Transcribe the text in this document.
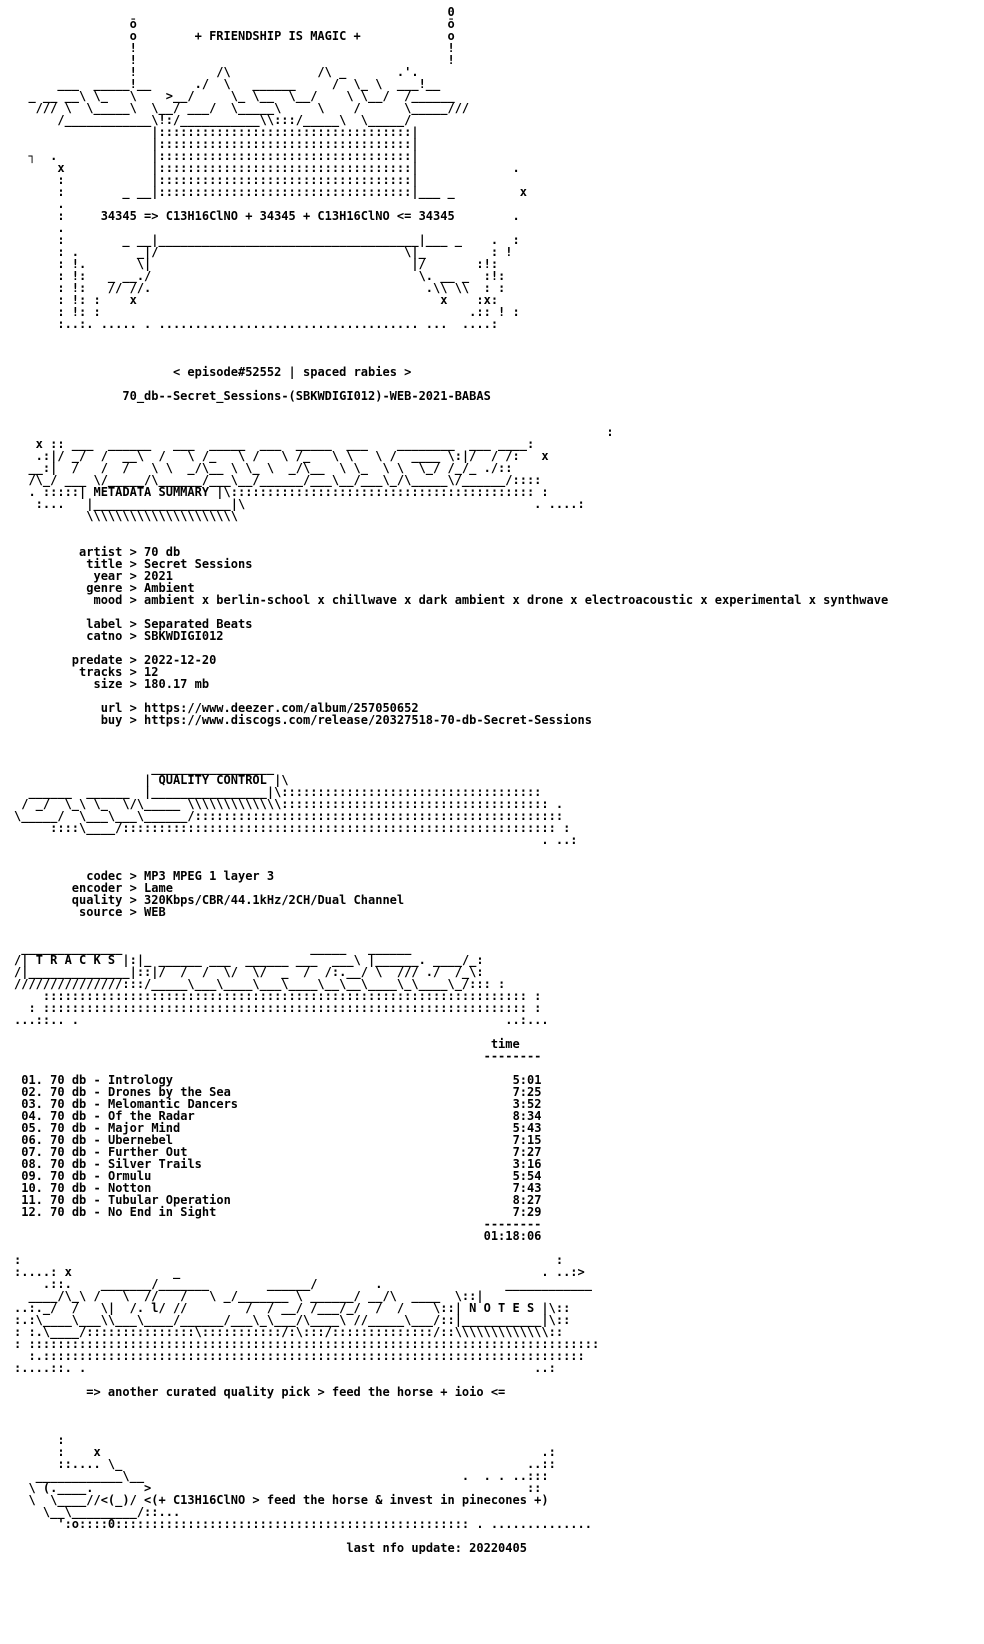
0
ō                                           ō
o        + FRIENDSHIP IS MAGIC +            o
!                                           !
!                                           !
!           /\            /\ _       .'.
___  _____!__      ./  \   ______     /  \_ \  ___!__
_ __ __\ \_   \    >__/     \_ \__  \__/    \ \__/  /______
/// \  \_____\  \__/ ___/  \_____\     \    /      \_____///
/____________\!:/___________\\:::/_____\  \_____/
|:::::::::::::::::::::::::::::::::::|
|:::::::::::::::::::::::::::::::::::|
┐  .             |:::::::::::::::::::::::::::::::::::|
x            |:::::::::::::::::::::::::::::::::::|             .
:            |:::::::::::::::::::::::::::::::::::|
:        _ __|:::::::::::::::::::::::::::::::::::|___ _         x
.
:     34345 => C13H16ClNO + 34345 + C13H16ClNO <= 34345        .
.
:        _ __|____________________________________|___ _    .  :
: .        _|/                                  \|_         : !
: !.       \|                                    |/       :!:
: !:   _ __./                                     \. __ _  :!:
: !:   // //.                                      .\\ \\  : :
: !: :    x                                          x    :x:
: !: :                                                   .:: ! :
:..:. ..... . .................................... ...  ....:
< episode#52552 | spaced rabies >
70_db--Secret_Sessions-(SBKWDIGI012)-WEB-2021-BABAS
:
x :: ___  ______   ___  _____  ___  _____  ___    ________  ___ ____:
.:|/ _/  /  __\  /   \ /_   \ /   \ /_   \ \   \ /  ____ \:|/  / /:   x
__:|  /   /  /   \ \  _/\__ \ \_ \  _/\__  \ \_  \ \  \_/ /_/_ ./::
/\_/ ___ \/_____/\______/___\__/______/___\__/___\_/\_____\/______/::::
. :::::| METADATA SUMMARY |\:::::::::::::::::::::::::::::::::::::::::: :
:...   |___________________|\                                        . ....:
\\\\\\\\\\\\\\\\\\\\\
artist > 70 db
title > Secret Sessions
year > 2021
genre > Ambient
mood > ambient x berlin-school x chillwave x dark ambient x drone x electroacoustic x experimental x synthwave
label > Separated Beats
catno > SBKWDIGI012
predate > 2022-12-20
tracks > 12
size > 180.17 mb
url > https://www.deezer.com/album/257050652
buy > https://www.discogs.com/release/20327518-70-db-Secret-Sessions
_________________
| QUALITY CONTROL |\
______  ______  |________________|\::::::::::::::::::::::::::::::::::::
/ _/  \_\ \_  \/\_____ \\\\\\\\\\\\\::::::::::::::::::::::::::::::::::::: .
\_____/  \___\___\______/:::::::::::::::::::::::::::::::::::::::::::::::::::
::::\____/:::::::::::::::::::::::::::::::::::::::::::::::::::::::::::: :
. ..:
codec > MP3 MPEG 1 layer 3
encoder > Lame
quality > 320Kbps/CBR/44.1kHz/2CH/Dual Channel
source > WEB
______________                          _____   ______
/| T R A C K S |:|_ ______ ___  ______ ___  ___\ |______. ____/_:
/|______________|::|/  /  /  \/  \/  _  /  /:.__/ \  /// ./  /_\:
///////////////:::/_____\___\____\___\____\__\__\____\_\____\_/::: :
::::::::::::::::::::::::::::::::::::::::::::::::::::::::::::::::::: :
: ::::::::::::::::::::::::::::::::::::::::::::::::::::::::::::::::::: :
...::.. .                                                           ..:...
time
--------
01. 70 db - Intrology	5:01
02. 70 db - Drones by the Sea	7:25
03. 70 db - Melomantic Dancers	3:52
04. 70 db - Of the Radar	8:34
05. 70 db - Major Mind	5:43
06. 70 db - Ubernebel	7:15
07. 70 db - Further Out	7:27
08. 70 db - Silver Trails	3:16
09. 70 db - Ormulu	5:54
10. 70 db - Notton	7:43
11. 70 db - Tubular Operation	8:27
12. 70 db - No End in Sight	7:29
--------
01:18:06
:                                                                          :
:....: x              _                                                  . ..:>
.::.    _______/_______        ______/        .                 ____________
____/\_\ /   \  //   /   \ _/_______ \ ______/ __/\  ____  \::|
..:._/  /   \|  /. l/ //        /  / __/ /___/_/  /  /    \::| N O T E S |\::
:.:\____\___\\___\____/______/___\_\___/\____\ //_____\___/::|___________|\::
: :.\____/:::::::::::::::\:::::::::::/:\:::/::::::::::::::/::\\\\\\\\\\\\\::
: :::::::::::::::::::::::::::::::::::::::::::::::::::::::::::::::::::::::::::::::
:.:::::::::::::::::::::::::::::::::::::::::::::::::::::::::::::::::::::::::::
:....::. .                                                              ..:
=> another curated quality pick > feed the horse + ioio <=
:
:    x                                                             .:
::.... \_                                                        ..::
____________\__                                            .  . . ..:::
\ (.____.       >                                                    ::
\  \____//<(_)/ <(+ C13H16ClNO > feed the horse & invest in pinecones +)
\__\_________/::...
':o::::0::::::::::::::::::::::::::::::::::::::::::::::::: . ..............
last nfo update: 20220405
